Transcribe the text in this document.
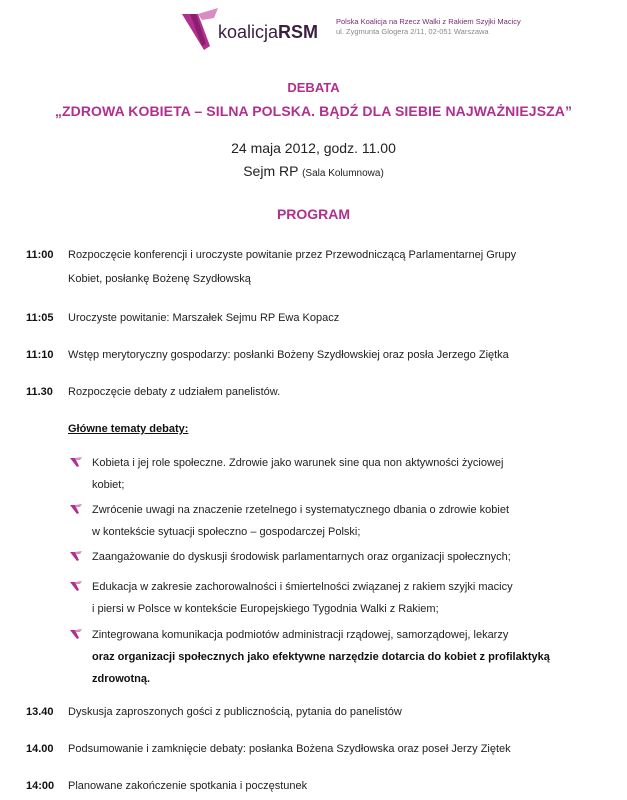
koalicjaRSM
Polska Koalicja na Rzecz Walki z Rakiem Szyjki Macicy
ul. Zygmunta Glogera 2/11, 02-051 Warszawa
DEBATA
„ZDROWA KOBIETA – SILNA POLSKA. BĄDŹ DLA SIEBIE NAJWAŻNIEJSZA”
24 maja 2012, godz. 11.00
Sejm RP (Sala Kolumnowa)
PROGRAM
11:00	Rozpoczęcie konferencji i uroczyste powitanie przez Przewodniczącą Parlamentarnej Grupy
Kobiet, posłankę Bożenę Szydłowską
11:05	Uroczyste powitanie: Marszałek Sejmu RP Ewa Kopacz
11:10	Wstęp merytoryczny gospodarzy: posłanki Bożeny Szydłowskiej oraz posła Jerzego Ziętka
11.30	Rozpoczęcie debaty z udziałem panelistów.
Główne tematy debaty:
Kobieta i jej role społeczne. Zdrowie jako warunek sine qua non aktywności życiowej
kobiet;
Zwrócenie uwagi na znaczenie rzetelnego i systematycznego dbania o zdrowie kobiet
w kontekście sytuacji społeczno – gospodarczej Polski;
Zaangażowanie do dyskusji środowisk parlamentarnych oraz organizacji społecznych;
Edukacja w zakresie zachorowalności i śmiertelności związanej z rakiem szyjki macicy
i piersi w Polsce w kontekście Europejskiego Tygodnia Walki z Rakiem;
Zintegrowana komunikacja podmiotów administracji rządowej, samorządowej, lekarzy
oraz organizacji społecznych jako efektywne narzędzie dotarcia do kobiet z profilaktyką
zdrowotną.
13.40	Dyskusja zaproszonych gości z publicznością, pytania do panelistów
14.00	Podsumowanie i zamknięcie debaty: posłanka Bożena Szydłowska oraz poseł Jerzy Ziętek
14:00	Planowane zakończenie spotkania i poczęstunek
